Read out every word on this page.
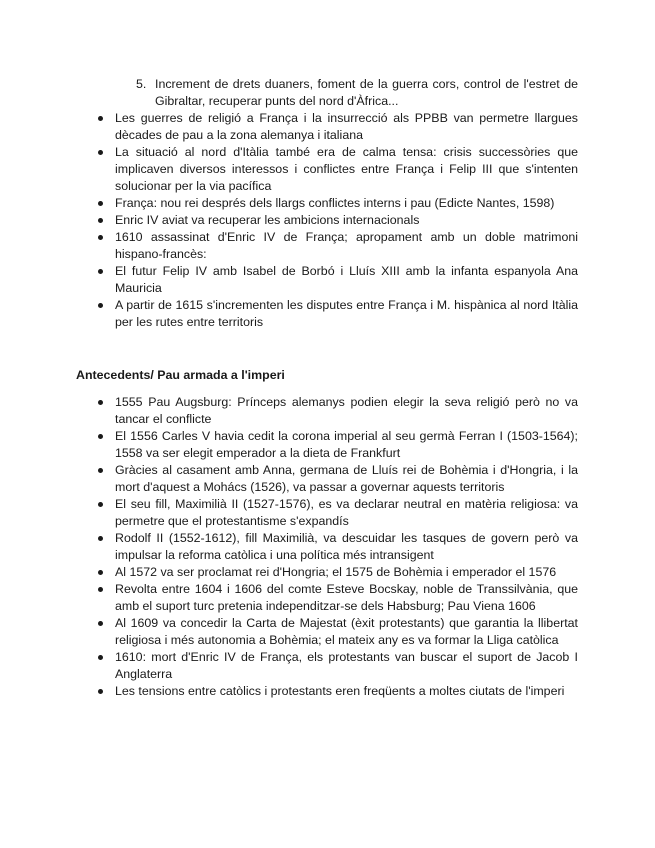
5. Increment de drets duaners, foment de la guerra cors, control de l'estret de Gibraltar, recuperar punts del nord d'Àfrica...
Les guerres de religió a França i la insurrecció als PPBB van permetre llargues dècades de pau a la zona alemanya i italiana
La situació al nord d'Itàlia també era de calma tensa: crisis successòries que implicaven diversos interessos i conflictes entre França i Felip III que s'intenten solucionar per la via pacífica
França: nou rei després dels llargs conflictes interns i pau (Edicte Nantes, 1598)
Enric IV aviat va recuperar les ambicions internacionals
1610 assassinat d'Enric IV de França; apropament amb un doble matrimoni hispano-francès:
El futur Felip IV amb Isabel de Borbó i Lluís XIII amb la infanta espanyola Ana Mauricia
A partir de 1615 s'incrementen les disputes entre França i M. hispànica al nord Itàlia per les rutes entre territoris
Antecedents/ Pau armada a l'imperi
1555 Pau Augsburg: Prínceps alemanys podien elegir la seva religió però no va tancar el conflicte
El 1556 Carles V havia cedit la corona imperial al seu germà Ferran I (1503-1564); 1558 va ser elegit emperador a la dieta de Frankfurt
Gràcies al casament amb Anna, germana de Lluís rei de Bohèmia i d'Hongria, i la mort d'aquest a Mohács (1526), va passar a governar aquests territoris
El seu fill, Maximilià II (1527-1576), es va declarar neutral en matèria religiosa: va permetre que el protestantisme s'expandís
Rodolf II (1552-1612), fill Maximilià, va descuidar les tasques de govern però va impulsar la reforma catòlica i una política més intransigent
Al 1572 va ser proclamat rei d'Hongria; el 1575 de Bohèmia i emperador el 1576
Revolta entre 1604 i 1606 del comte Esteve Bocskay, noble de Transsilvània, que amb el suport turc pretenia independitzar-se dels Habsburg; Pau Viena 1606
Al 1609 va concedir la Carta de Majestat (èxit protestants) que garantia la llibertat religiosa i més autonomia a Bohèmia; el mateix any es va formar la Lliga catòlica
1610: mort d'Enric IV de França, els protestants van buscar el suport de Jacob I Anglaterra
Les tensions entre catòlics i protestants eren freqüents a moltes ciutats de l'imperi
